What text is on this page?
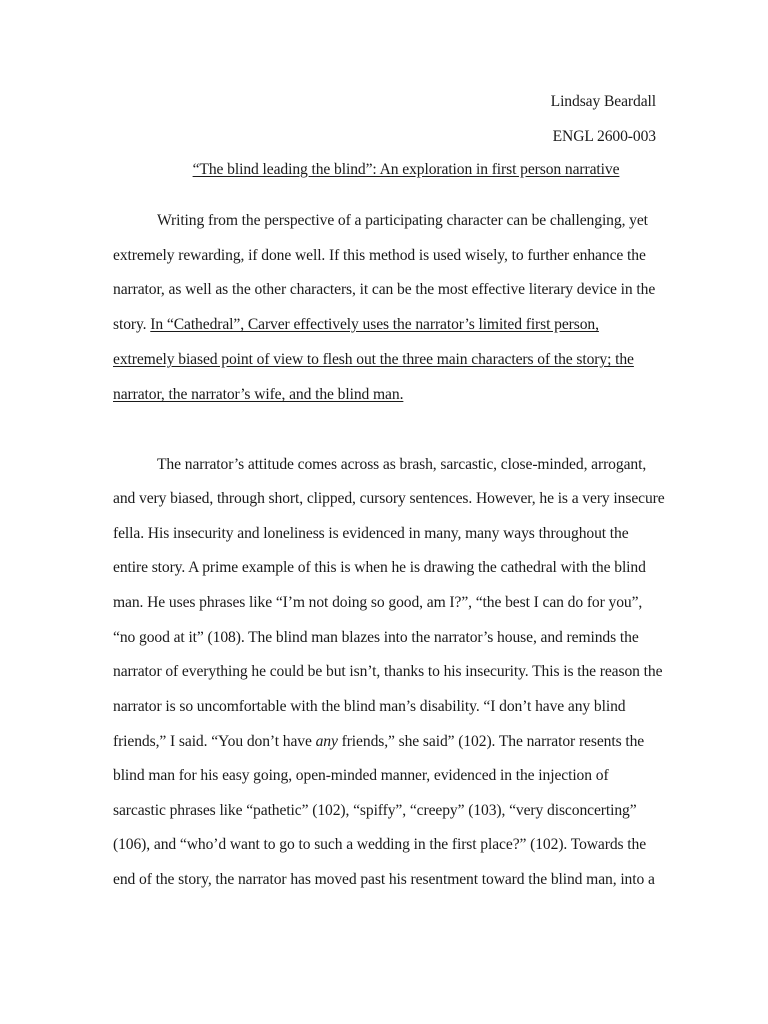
Lindsay Beardall
ENGL 2600-003
“The blind leading the blind”: An exploration in first person narrative
Writing from the perspective of a participating character can be challenging, yet
extremely rewarding, if done well. If this method is used wisely, to further enhance the
narrator, as well as the other characters, it can be the most effective literary device in the
story. In “Cathedral”, Carver effectively uses the narrator’s limited first person,
extremely biased point of view to flesh out the three main characters of the story; the
narrator, the narrator’s wife, and the blind man.
The narrator’s attitude comes across as brash, sarcastic, close-minded, arrogant,
and very biased, through short, clipped, cursory sentences. However, he is a very insecure
fella. His insecurity and loneliness is evidenced in many, many ways throughout the
entire story. A prime example of this is when he is drawing the cathedral with the blind
man. He uses phrases like “I’m not doing so good, am I?”, “the best I can do for you”,
“no good at it” (108). The blind man blazes into the narrator’s house, and reminds the
narrator of everything he could be but isn’t, thanks to his insecurity. This is the reason the
narrator is so uncomfortable with the blind man’s disability. “I don’t have any blind
friends,” I said. “You don’t have any friends,” she said” (102). The narrator resents the
blind man for his easy going, open-minded manner, evidenced in the injection of
sarcastic phrases like “pathetic” (102), “spiffy”, “creepy” (103), “very disconcerting”
(106), and “who’d want to go to such a wedding in the first place?” (102). Towards the
end of the story, the narrator has moved past his resentment toward the blind man, into a
